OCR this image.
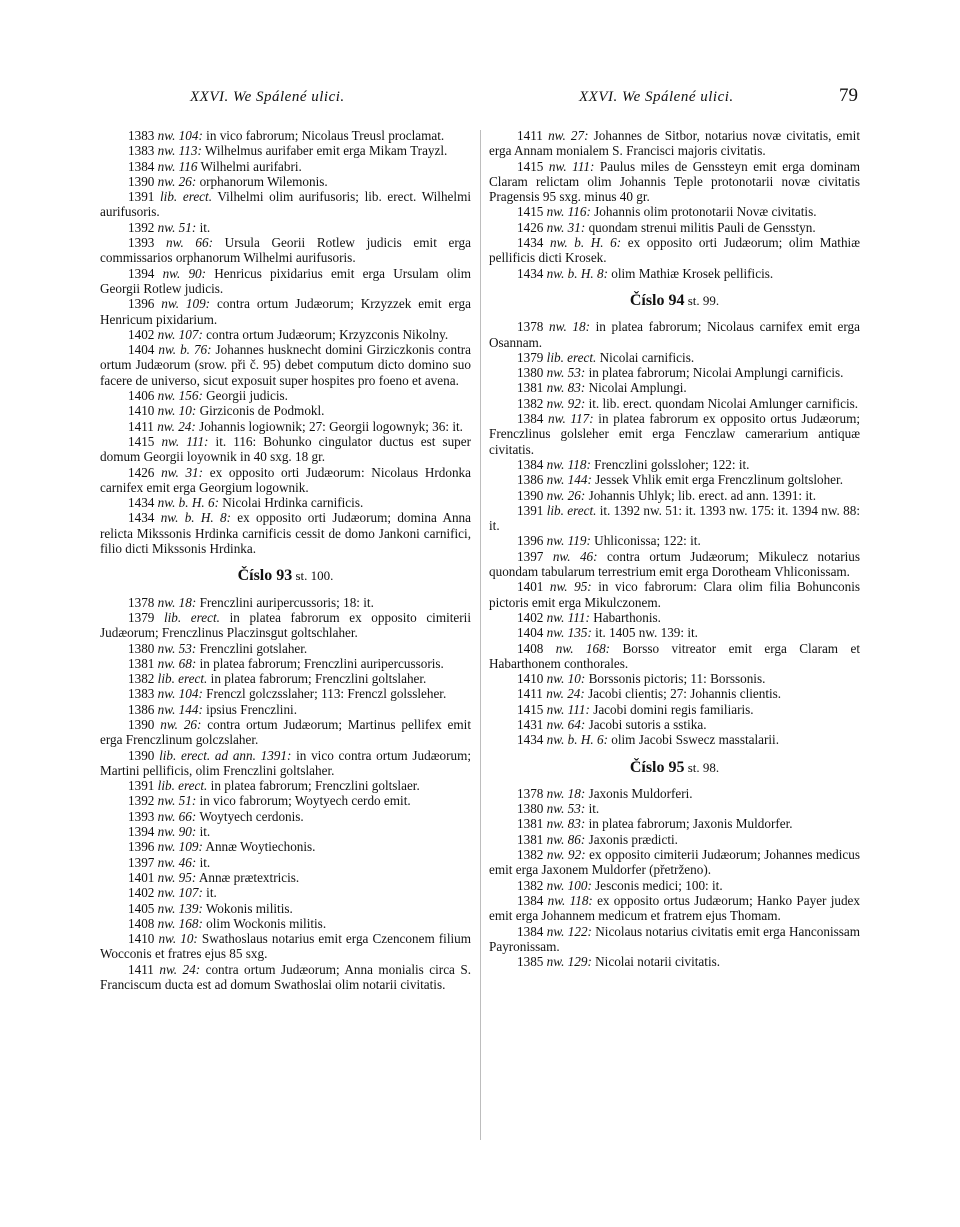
XXVI. We Spálené ulici.	XXVI. We Spálené ulici.	79

1383 nw. 104: in vico fabrorum; Nicolaus Treusl proclamat.

1383 nw. 113: Wilhelmus aurifaber emit erga Mikam Trayzl.

1384 nw. 116 Wilhelmi aurifabri.

1390 nw. 26: orphanorum Wilemonis.

1391 lib. erect. Vilhelmi olim aurifusoris; lib. erect. Wilhelmi aurifusoris.

1392 nw. 51: it.

1393 nw. 66: Ursula Georii Rotlew judicis emit erga commissarios orphanorum Wilhelmi aurifusoris.

1394 nw. 90: Henricus pixidarius emit erga Ursulam olim Georgii Rotlew judicis.

1396 nw. 109: contra ortum Judæorum; Krzyzzek emit erga Henricum pixidarium.

1402 nw. 107: contra ortum Judæorum; Krzyzconis Nikolny.

1404 nw. b. 76: Johannes husknecht domini Girziczkonis contra ortum Judæorum (srow. při č. 95) debet computum dicto domino suo facere de universo, sicut exposuit super hospites pro foeno et avena.

1406 nw. 156: Georgii judicis.

1410 nw. 10: Girziconis de Podmokl.

1411 nw. 24: Johannis logiownik; 27: Georgii logownyk; 36: it.

1415 nw. 111: it. 116: Bohunko cingulator ductus est super domum Georgii loyownik in 40 sxg. 18 gr.

1426 nw. 31: ex opposito orti Judæorum: Nicolaus Hrdonka carnifex emit erga Georgium logownik.

1434 nw. b. H. 6: Nicolai Hrdinka carnificis.

1434 nw. b. H. 8: ex opposito orti Judæorum; domina Anna relicta Mikssonis Hrdinka carnificis cessit de domo Jankoni carnifici, filio dicti Mikssonis Hrdinka.

Číslo 93 st. 100.

1378 nw. 18: Frenczlini auripercussoris; 18: it.

1379 lib. erect. in platea fabrorum ex opposito cimiterii Judæorum; Frenczlinus Placzinsgut goltschlaher.

1380 nw. 53: Frenczlini gotslaher.

1381 nw. 68: in platea fabrorum; Frenczlini auripercussoris.

1382 lib. erect. in platea fabrorum; Frenczlini goltslaher.

1383 nw. 104: Frenczl golczsslaher; 113: Frenczl golssleher.

1386 nw. 144: ipsius Frenczlini.

1390 nw. 26: contra ortum Judæorum; Martinus pellifex emit erga Frenczlinum golczslaher.

1390 lib. erect. ad ann. 1391: in vico contra ortum Judæorum; Martini pellificis, olim Frenczlini goltslaher.

1391 lib. erect. in platea fabrorum; Frenczlini goltslaer.

1392 nw. 51: in vico fabrorum; Woytyech cerdo emit.

1393 nw. 66: Woytyech cerdonis.

1394 nw. 90: it.

1396 nw. 109: Annæ Woytiechonis.

1397 nw. 46: it.

1401 nw. 95: Annæ prætextricis.

1402 nw. 107: it.

1405 nw. 139: Wokonis militis.

1408 nw. 168: olim Wockonis militis.

1410 nw. 10: Swathoslaus notarius emit erga Czenconem filium Wocconis et fratres ejus 85 sxg.

1411 nw. 24: contra ortum Judæorum; Anna monialis circa S. Franciscum ducta est ad domum Swathoslai olim notarii civitatis.

1411 nw. 27: Johannes de Sitbor, notarius novæ civitatis, emit erga Annam monialem S. Francisci majoris civitatis.

1415 nw. 111: Paulus miles de Genssteyn emit erga dominam Claram relictam olim Johannis Teple protonotarii novæ civitatis Pragensis 95 sxg. minus 40 gr.

1415 nw. 116: Johannis olim protonotarii Novæ civitatis.

1426 nw. 31: quondam strenui militis Pauli de Gensstyn.

1434 nw. b. H. 6: ex opposito orti Judæorum; olim Mathiæ pellificis dicti Krosek.

1434 nw. b. H. 8: olim Mathiæ Krosek pellificis.

Číslo 94 st. 99.

1378 nw. 18: in platea fabrorum; Nicolaus carnifex emit erga Osannam.

1379 lib. erect. Nicolai carnificis.

1380 nw. 53: in platea fabrorum; Nicolai Amplungi carnificis.

1381 nw. 83: Nicolai Amplungi.

1382 nw. 92: it. lib. erect. quondam Nicolai Amlunger carnificis.

1384 nw. 117: in platea fabrorum ex opposito ortus Judæorum; Frenczlinus golsleher emit erga Fenczlaw camerarium antiquæ civitatis.

1384 nw. 118: Frenczlini golssloher; 122: it.

1386 nw. 144: Jessek Vhlik emit erga Frenczlinum goltsloher.

1390 nw. 26: Johannis Uhlyk; lib. erect. ad ann. 1391: it.

1391 lib. erect. it. 1392 nw. 51: it. 1393 nw. 175: it. 1394 nw. 88: it.

1396 nw. 119: Uhliconissa; 122: it.

1397 nw. 46: contra ortum Judæorum; Mikulecz notarius quondam tabularum terrestrium emit erga Dorotheam Vhliconissam.

1401 nw. 95: in vico fabrorum: Clara olim filia Bohunconis pictoris emit erga Mikulczonem.

1402 nw. 111: Habarthonis.

1404 nw. 135: it. 1405 nw. 139: it.

1408 nw. 168: Borsso vitreator emit erga Claram et Habarthonem conthorales.

1410 nw. 10: Borssonis pictoris; 11: Borssonis.

1411 nw. 24: Jacobi clientis; 27: Johannis clientis.

1415 nw. 111: Jacobi domini regis familiaris.

1431 nw. 64: Jacobi sutoris a sstika.

1434 nw. b. H. 6: olim Jacobi Sswecz masstalarii.

Číslo 95 st. 98.

1378 nw. 18: Jaxonis Muldorferi.

1380 nw. 53: it.

1381 nw. 83: in platea fabrorum; Jaxonis Muldorfer.

1381 nw. 86: Jaxonis prædicti.

1382 nw. 92: ex opposito cimiterii Judæorum; Johannes medicus emit erga Jaxonem Muldorfer (přetrženo).

1382 nw. 100: Jesconis medici; 100: it.

1384 nw. 118: ex opposito ortus Judæorum; Hanko Payer judex emit erga Johannem medicum et fratrem ejus Thomam.

1384 nw. 122: Nicolaus notarius civitatis emit erga Hanconissam Payronissam.

1385 nw. 129: Nicolai notarii civitatis.
